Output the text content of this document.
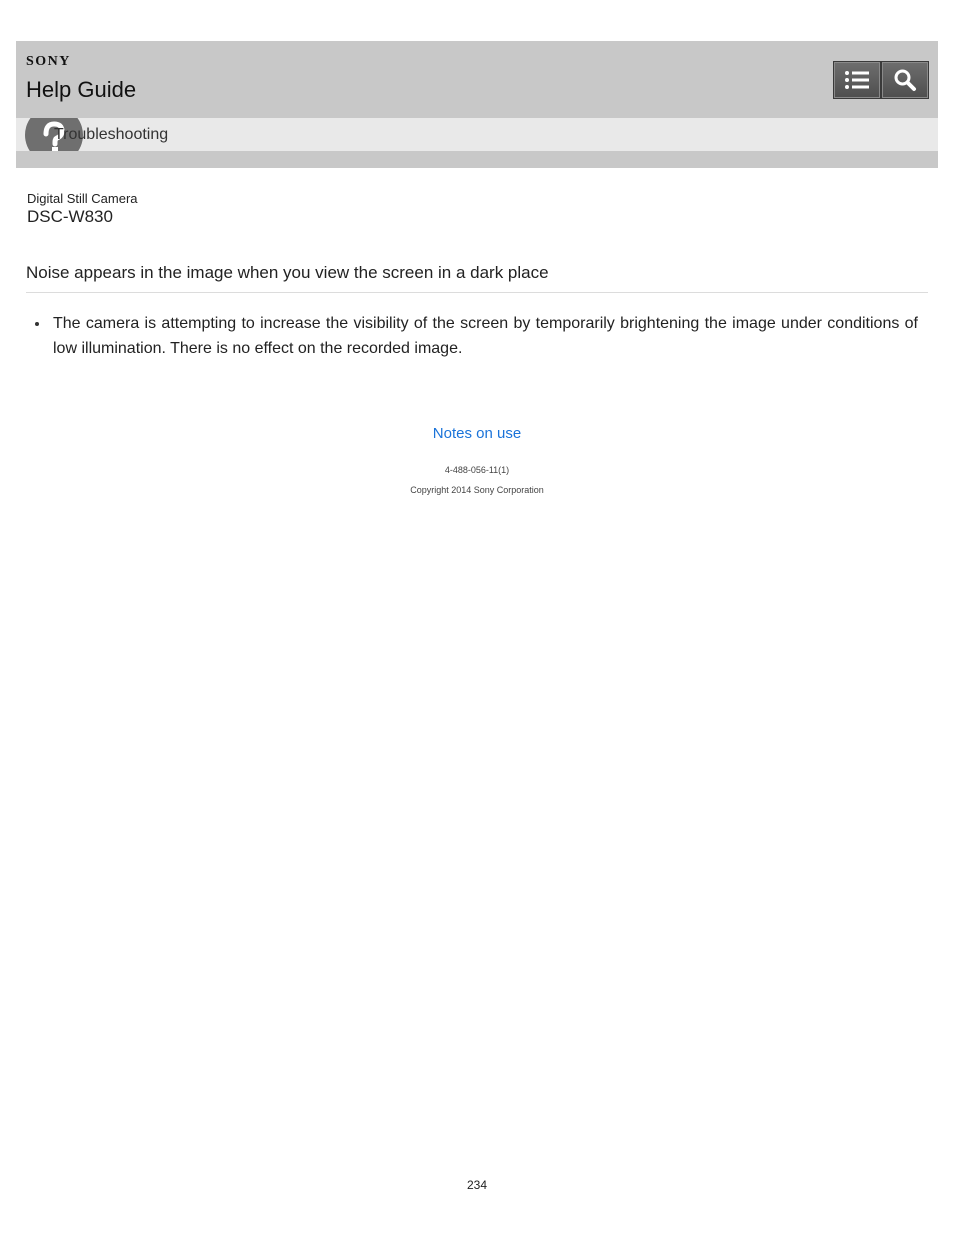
SONY
Help Guide
Troubleshooting
Digital Still Camera
DSC-W830
Noise appears in the image when you view the screen in a dark place
The camera is attempting to increase the visibility of the screen by temporarily brightening the image under conditions of low illumination. There is no effect on the recorded image.
Notes on use
4-488-056-11(1)
Copyright 2014 Sony Corporation
234
